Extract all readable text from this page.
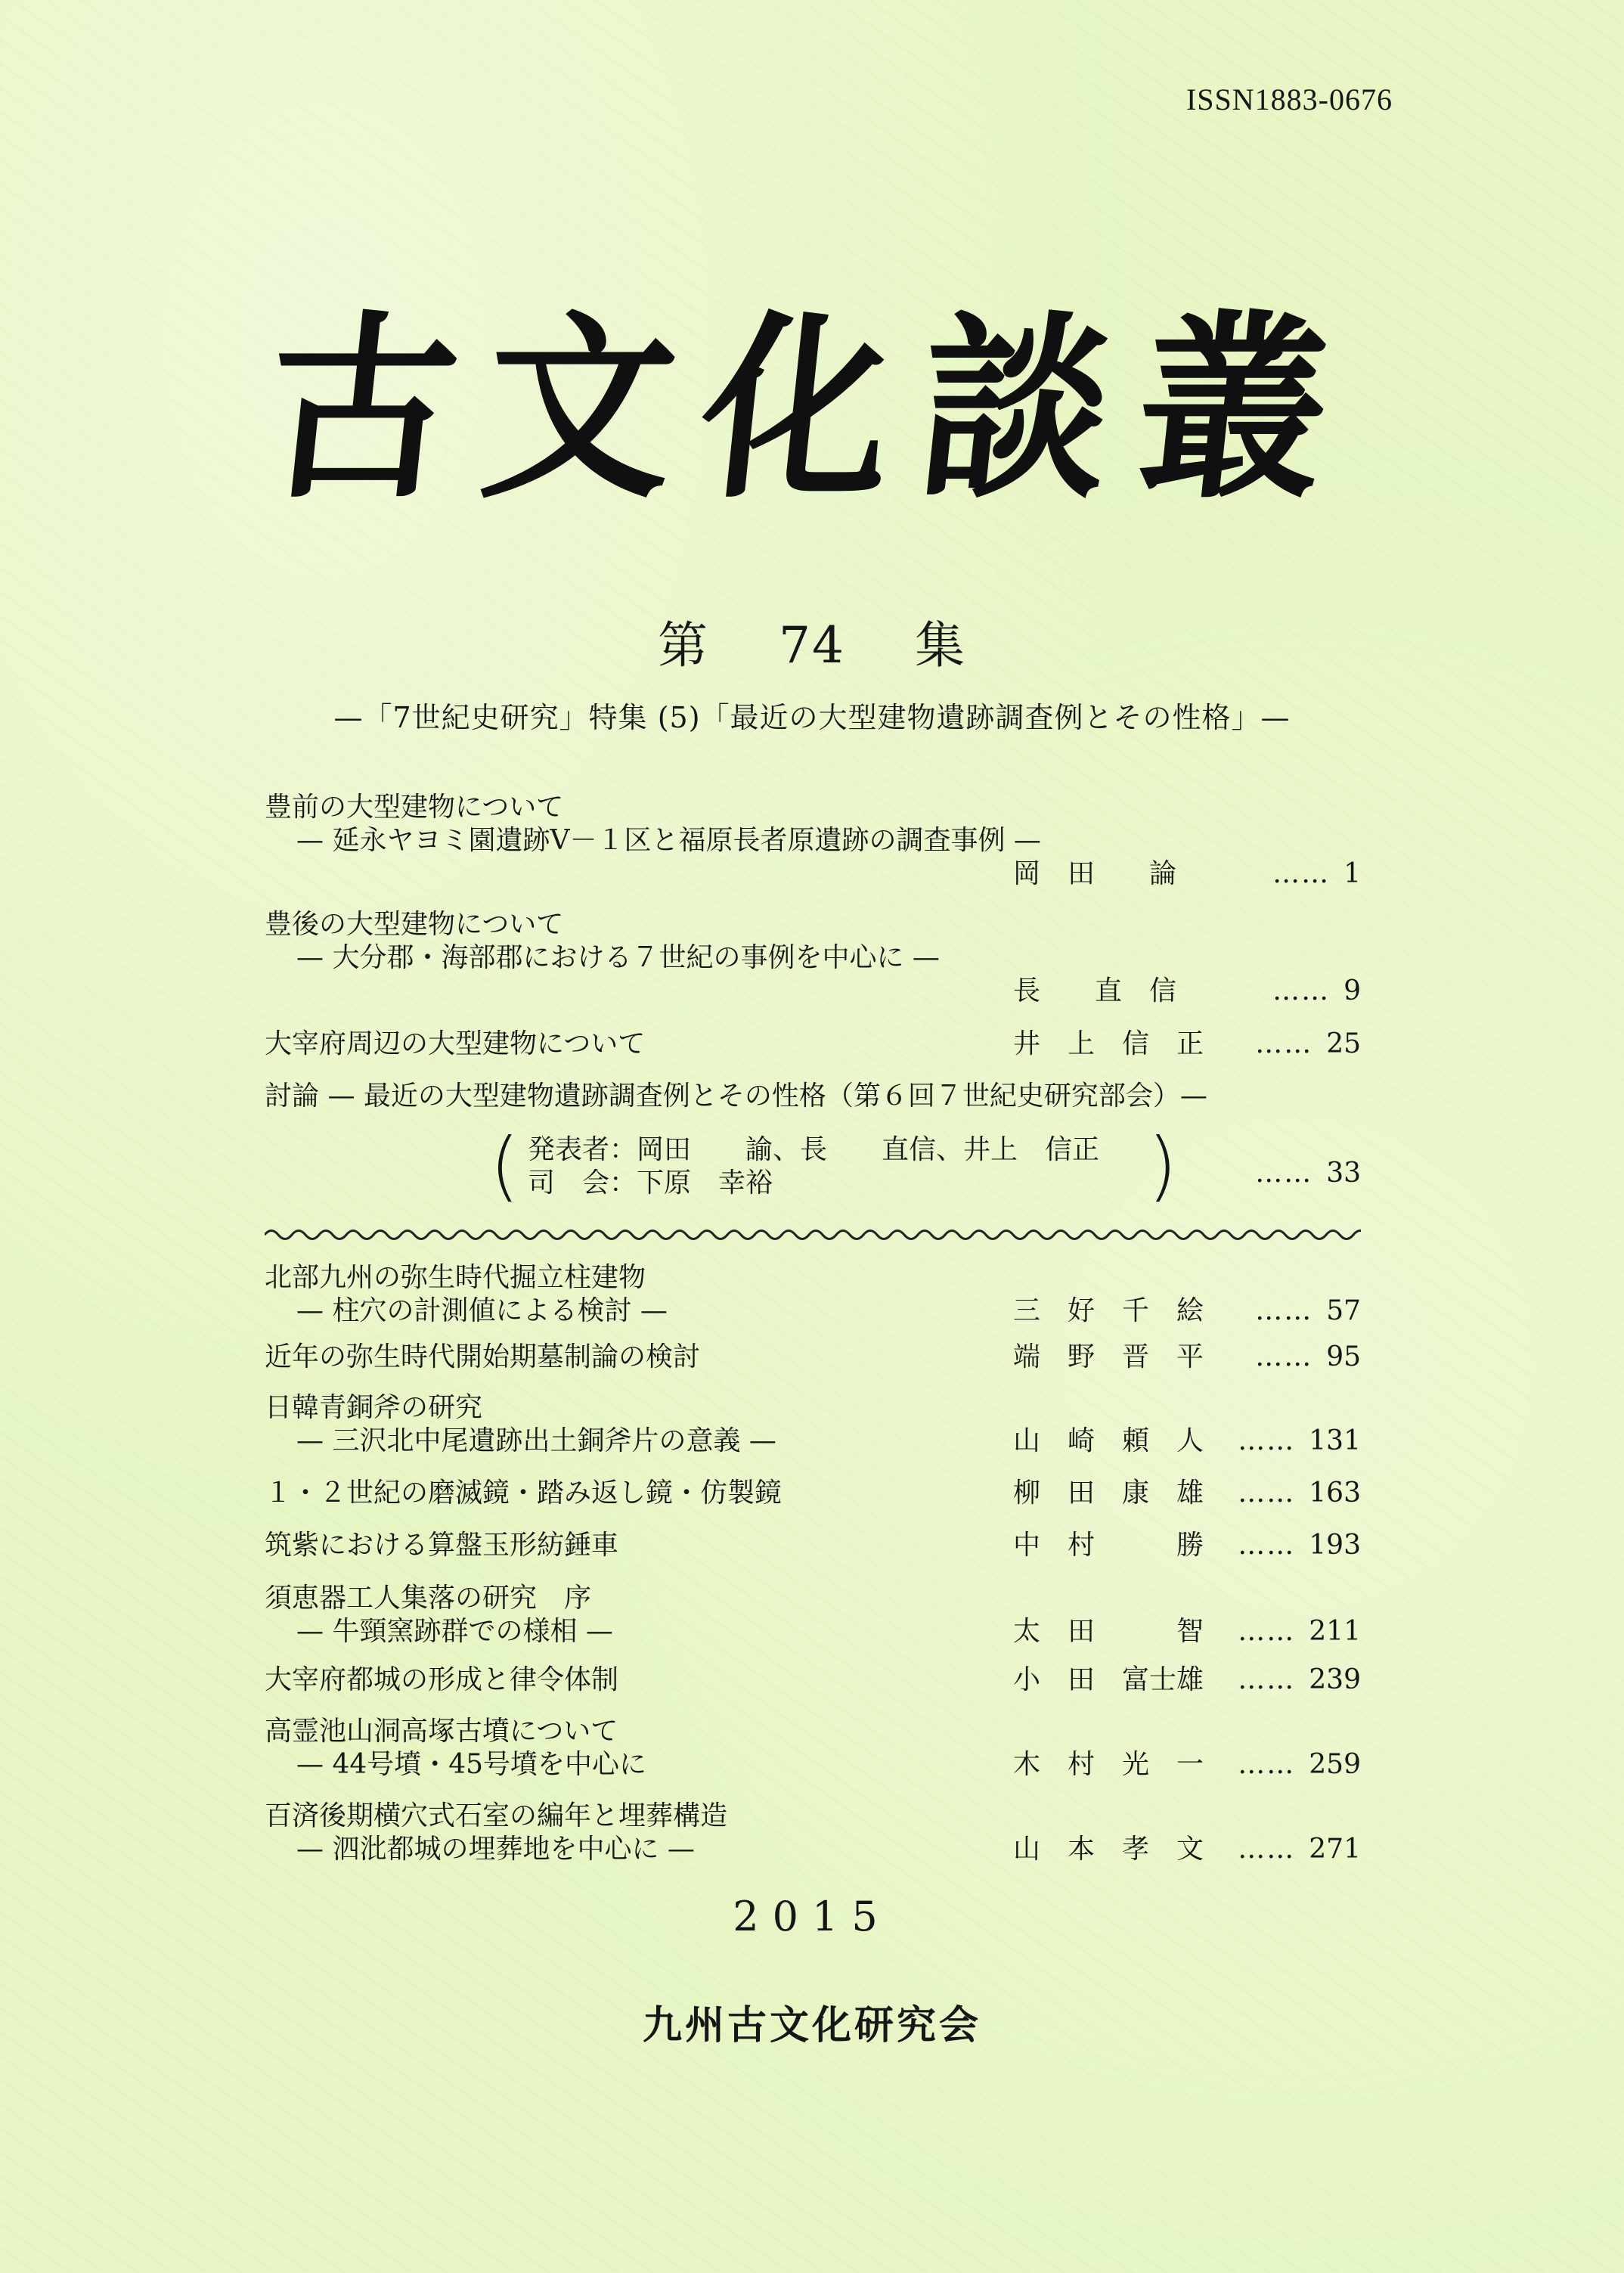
ISSN1883-0676
古文化談叢
第 74 集
—「7世紀史研究」特集 (5)「最近の大型建物遺跡調査例とその性格」—
豊前の大型建物について
— 延永ヤヨミ園遺跡Ⅴ－１区と福原長者原遺跡の調査事例 —
岡　田　　論	…… 1
豊後の大型建物について
— 大分郡・海部郡における７世紀の事例を中心に —
長　　直　信	…… 9
大宰府周辺の大型建物について	井　上　信　正 …… 25
討論 — 最近の大型建物遺跡調査例とその性格（第６回７世紀史研究部会）—
( 発表者：岡田　　諭、長　　直信、井上　信正
司　会：下原　幸裕	)	…… 33
北部九州の弥生時代掘立柱建物
— 柱穴の計測値による検討 —	三　好　千　絵 …… 57
近年の弥生時代開始期墓制論の検討	端　野　晋　平 …… 95
日韓青銅斧の研究
— 三沢北中尾遺跡出土銅斧片の意義 —	山　崎　頼　人 …… 131
１・２世紀の磨滅鏡・踏み返し鏡・仿製鏡	柳　田　康　雄 …… 163
筑紫における算盤玉形紡錘車	中　村　　　勝 …… 193
須恵器工人集落の研究　序
— 牛頸窯跡群での様相 —	太　田　　　智 …… 211
大宰府都城の形成と律令体制	小　田　富士雄 …… 239
高霊池山洞高塚古墳について
— 44号墳・45号墳を中心に	木　村　光　一 …… 259
百済後期横穴式石室の編年と埋葬構造
— 泗沘都城の埋葬地を中心に —	山　本　孝　文 …… 271
2015
九州古文化研究会
